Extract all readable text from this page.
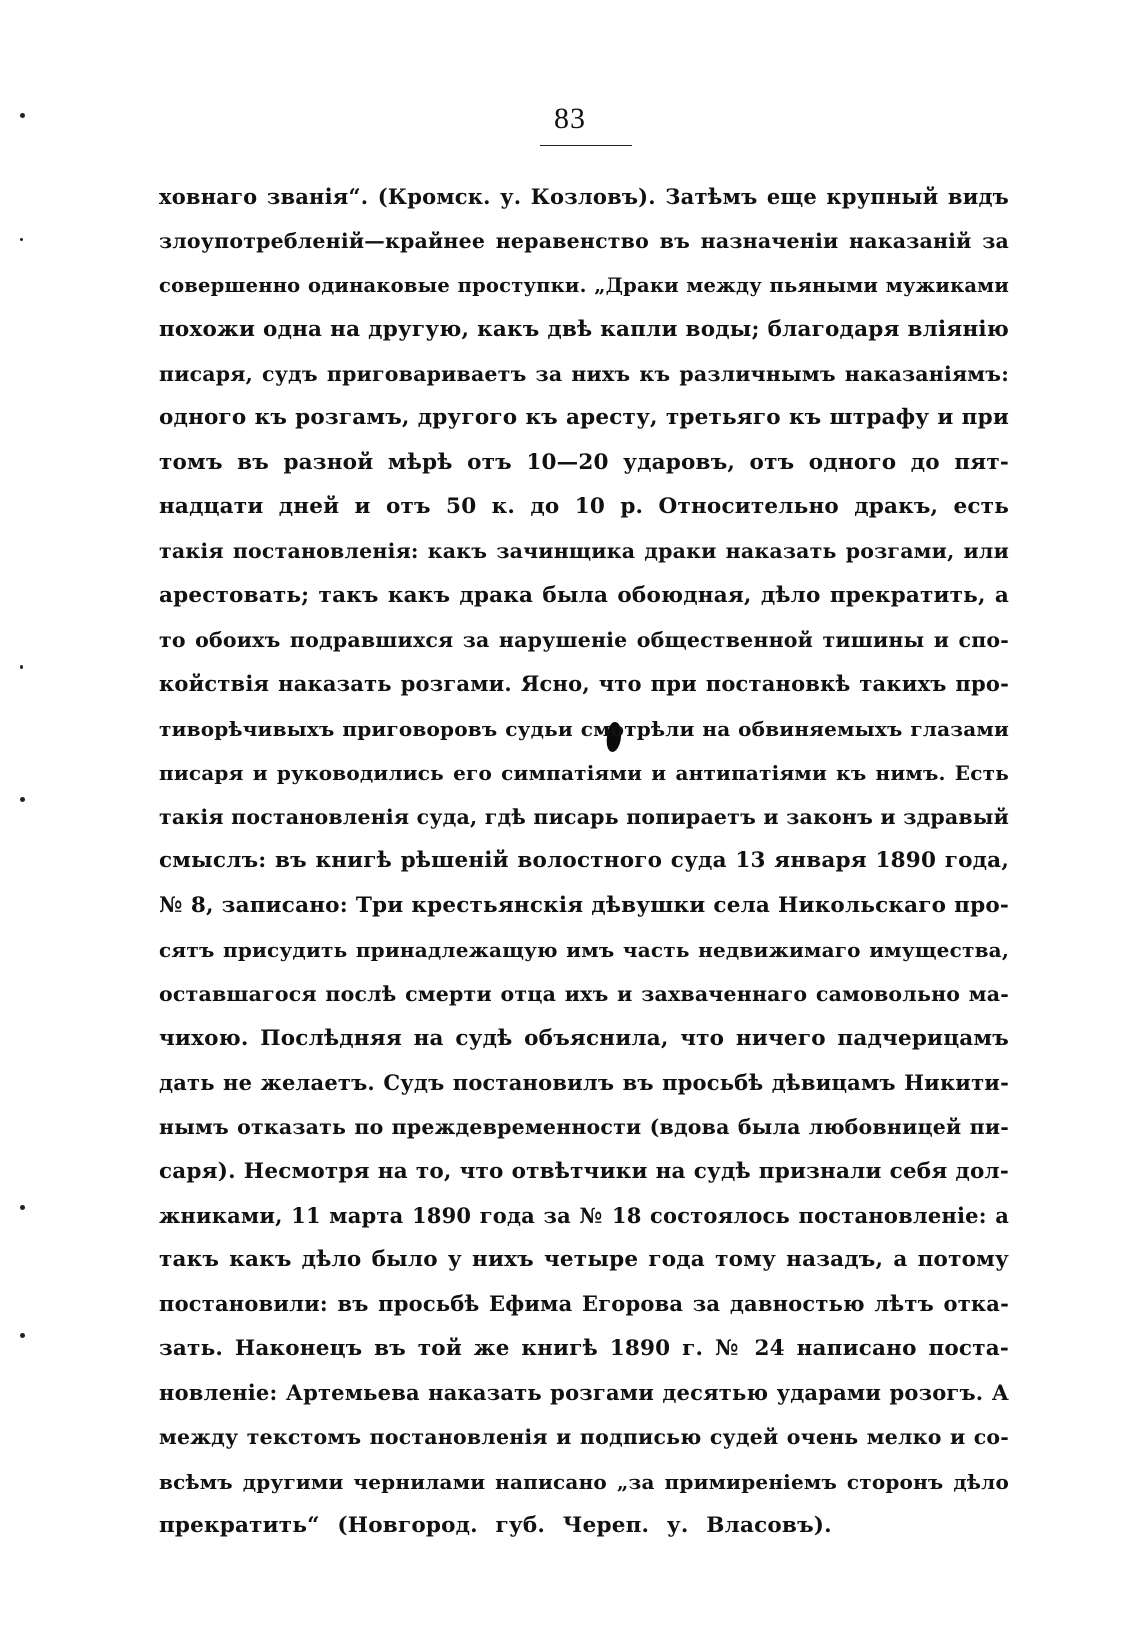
83
ховнаго званія“. (Кромск. у. Козловъ). Затѣмъ еще крупный видъ
злоупотребленій—крайнее неравенство въ назначеніи наказаній за
совершенно одинаковые проступки. „Драки между пьяными мужиками
похожи одна на другую, какъ двѣ капли воды; благодаря вліянію
писаря, судъ приговариваетъ за нихъ къ различнымъ наказаніямъ:
одного къ розгамъ, другого къ аресту, третьяго къ штрафу и при
томъ въ разной мѣрѣ отъ 10—20 ударовъ, отъ одного до пят-
надцати дней и отъ 50 к. до 10 р. Относительно дракъ, есть
такія постановленія: какъ зачинщика драки наказать розгами, или
арестовать; такъ какъ драка была обоюдная, дѣло прекратить, а
то обоихъ подравшихся за нарушеніе общественной тишины и спо-
койствія наказать розгами. Ясно, что при постановкѣ такихъ про-
тиворѣчивыхъ приговоровъ судьи смотрѣли на обвиняемыхъ глазами
писаря и руководились его симпатіями и антипатіями къ нимъ. Есть
такія постановленія суда, гдѣ писарь попираетъ и законъ и здравый
смыслъ: въ книгѣ рѣшеній волостного суда 13 января 1890 года,
№ 8, записано: Три крестьянскія дѣвушки села Никольскаго про-
сятъ присудить принадлежащую имъ часть недвижимаго имущества,
оставшагося послѣ смерти отца ихъ и захваченнаго самовольно ма-
чихою. Послѣдняя на судѣ объяснила, что ничего падчерицамъ
дать не желаетъ. Судъ постановилъ въ просьбѣ дѣвицамъ Никити-
нымъ отказать по преждевременности (вдова была любовницей пи-
саря). Несмотря на то, что отвѣтчики на судѣ признали себя дол-
жниками, 11 марта 1890 года за № 18 состоялось постановленіе: а
такъ какъ дѣло было у нихъ четыре года тому назадъ, а потому
постановили: въ просьбѣ Ефима Егорова за давностью лѣтъ отка-
зать. Наконецъ въ той же книгѣ 1890 г. № 24 написано поста-
новленіе: Артемьева наказать розгами десятью ударами розогъ. А
между текстомъ постановленія и подписью судей очень мелко и со-
всѣмъ другими чернилами написано „за примиреніемъ сторонъ дѣло
прекратить“ (Новгород. губ. Череп. у. Власовъ).
